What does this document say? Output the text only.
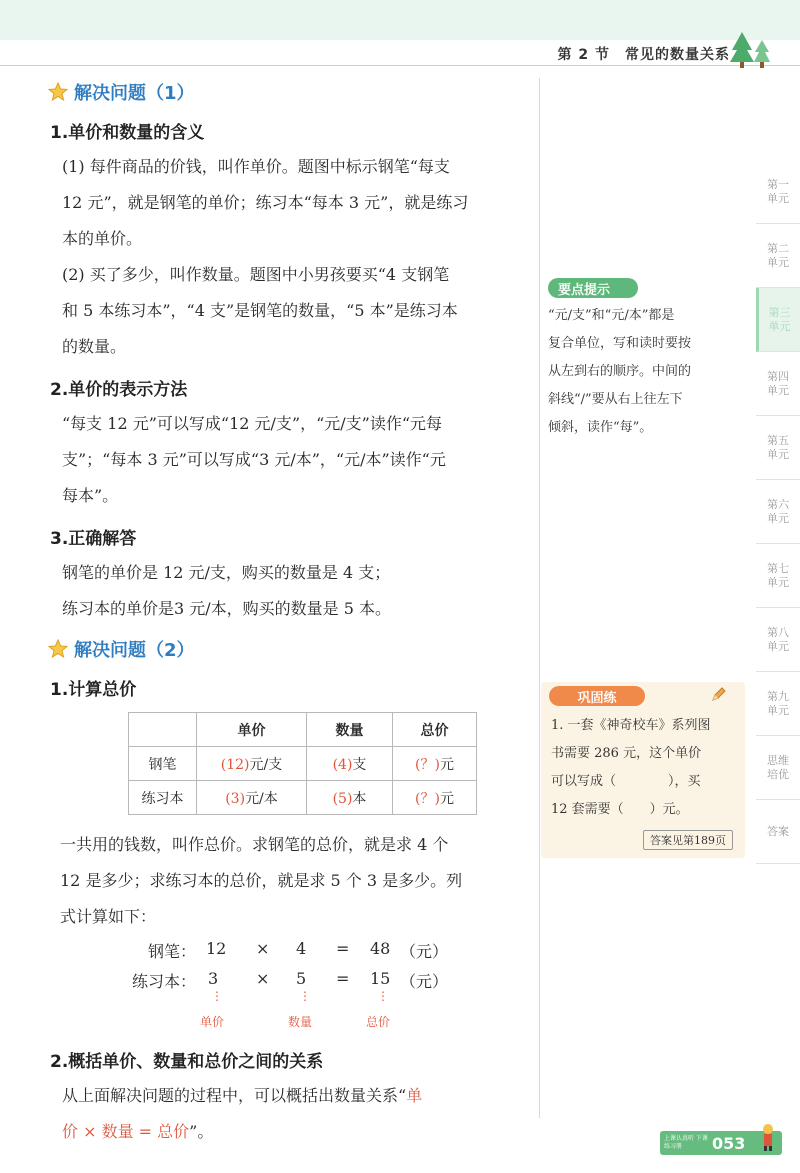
第 2 节　常见的数量关系
第一单元
第二单元
第三单元
第四单元
第五单元
第六单元
第七单元
第八单元
第九单元
思维培优
答案
解决问题（1）
1.单价和数量的含义
(1) 每件商品的价钱，叫作单价。题图中标示钢笔“每支
12 元”，就是钢笔的单价；练习本“每本 3 元”，就是练习
本的单价。
(2) 买了多少，叫作数量。题图中小男孩要买“4 支钢笔
和 5 本练习本”，“4 支”是钢笔的数量，“5 本”是练习本
的数量。
2.单价的表示方法
“每支 12 元”可以写成“12 元/支”，“元/支”读作“元每
支”；“每本 3 元”可以写成“3 元/本”，“元/本”读作“元
每本”。
3.正确解答
钢笔的单价是 12 元/支，购买的数量是 4 支；
练习本的单价是3 元/本，购买的数量是 5 本。
解决问题（2）
1.计算总价
	单价	数量	总价
钢笔	(12)元/支	(4)支	(？)元
练习本	(3)元/本	(5)本	(？)元
一共用的钱数，叫作总价。求钢笔的总价，就是求 4 个
12 是多少；求练习本的总价，就是求 5 个 3 是多少。列
式计算如下：
钢笔： 12 × 4 = 48 （元）
练习本： 3 × 5 = 15 （元）
⋮	⋮	⋮
单价	数量	总价
2.概括单价、数量和总价之间的关系
从上面解决问题的过程中，可以概括出数量关系“单
价 × 数量 = 总价”。
要点提示
“元/支”和“元/本”都是
复合单位，写和读时要按
从左到右的顺序。中间的
斜线“/”要从右上往左下
倾斜，读作“每”。
巩固练
1. 一套《神奇校车》系列图
书需要 286 元，这个单价
可以写成（　　　　），买
12 套需要（　　）元。
答案见第189页
上课认真听 下课练习册	053
